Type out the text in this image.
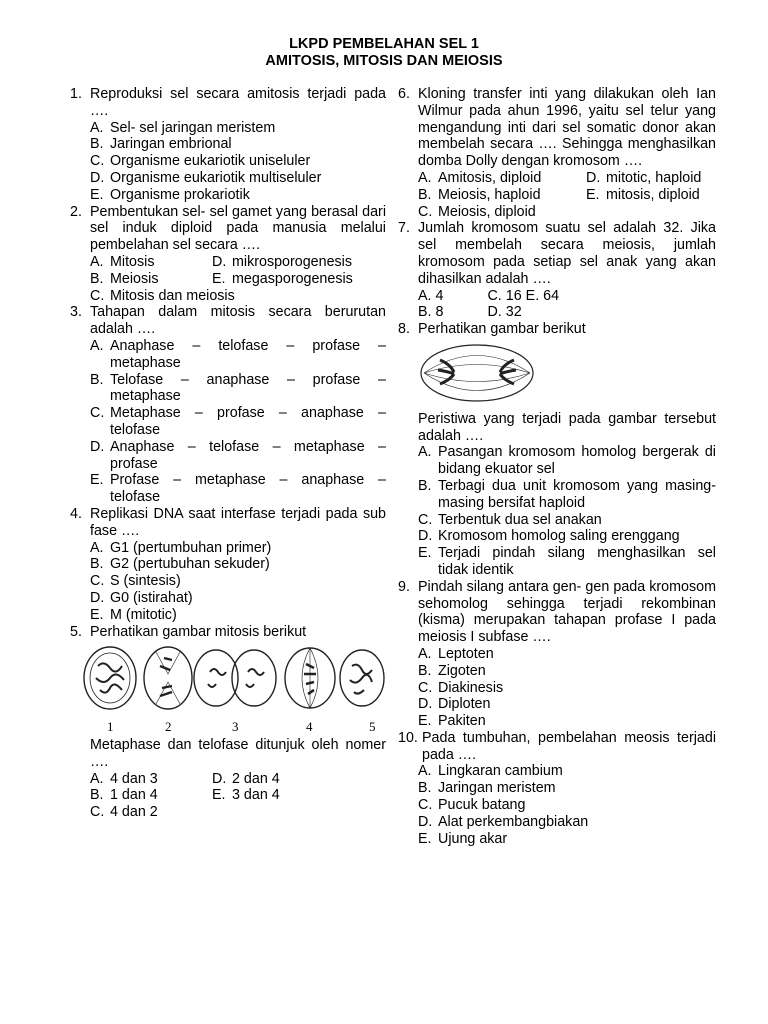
LKPD PEMBELAHAN SEL 1
AMITOSIS, MITOSIS DAN MEIOSIS
1. Reproduksi sel secara amitosis terjadi pada ….
A. Sel- sel jaringan meristem
B. Jaringan embrional
C. Organisme eukariotik uniseluler
D. Organisme eukariotik multiseluler
E. Organisme prokariotik
2. Pembentukan sel- sel gamet yang berasal dari sel induk diploid pada manusia melalui pembelahan sel secara ….
A. Mitosis	D. mikrosporogenesis
B. Meiosis	E. megasporogenesis
C. Mitosis dan meiosis
3. Tahapan dalam mitosis secara berurutan adalah ….
A. Anaphase – telofase – profase – metaphase
B. Telofase – anaphase – profase – metaphase
C. Metaphase – profase – anaphase – telofase
D. Anaphase – telofase – metaphase – profase
E. Profase – metaphase – anaphase – telofase
4. Replikasi DNA saat interfase terjadi pada sub fase ….
A. G1 (pertumbuhan primer)
B. G2 (pertubuhan sekuder)
C. S (sintesis)
D. G0 (istirahat)
E. M (mitotic)
5. Perhatikan gambar mitosis berikut
1	2	3	4	5
Metaphase dan telofase ditunjuk oleh nomer ….
A. 4 dan 3	D. 2 dan 4
B. 1 dan 4	E. 3 dan 4
C. 4 dan 2
6. Kloning transfer inti yang dilakukan oleh Ian Wilmur pada ahun 1996, yaitu sel telur yang mengandung inti dari sel somatic donor akan membelah secara …. Sehingga menghasilkan domba Dolly dengan kromosom ….
A. Amitosis, diploid	D. mitotic, haploid
B. Meiosis, haploid	E. mitosis, diploid
C. Meiosis, diploid
7. Jumlah kromosom suatu sel adalah 32. Jika sel membelah secara meiosis, jumlah kromosom pada setiap sel anak yang akan dihasilkan adalah ….
A. 4	C. 16 E. 64
B. 8	D. 32
8. Perhatikan gambar berikut
Peristiwa yang terjadi pada gambar tersebut adalah ….
A. Pasangan kromosom homolog bergerak di bidang ekuator sel
B. Terbagi dua unit kromosom yang masing- masing bersifat haploid
C. Terbentuk dua sel anakan
D. Kromosom homolog saling erenggang
E. Terjadi pindah silang menghasilkan sel tidak identik
9. Pindah silang antara gen- gen pada kromosom sehomolog sehingga terjadi rekombinan (kisma) merupakan tahapan profase I pada meiosis I subfase ….
A. Leptoten
B. Zigoten
C. Diakinesis
D. Diploten
E. Pakiten
10. Pada tumbuhan, pembelahan meosis terjadi pada ….
A. Lingkaran cambium
B. Jaringan meristem
C. Pucuk batang
D. Alat perkembangbiakan
E. Ujung akar
